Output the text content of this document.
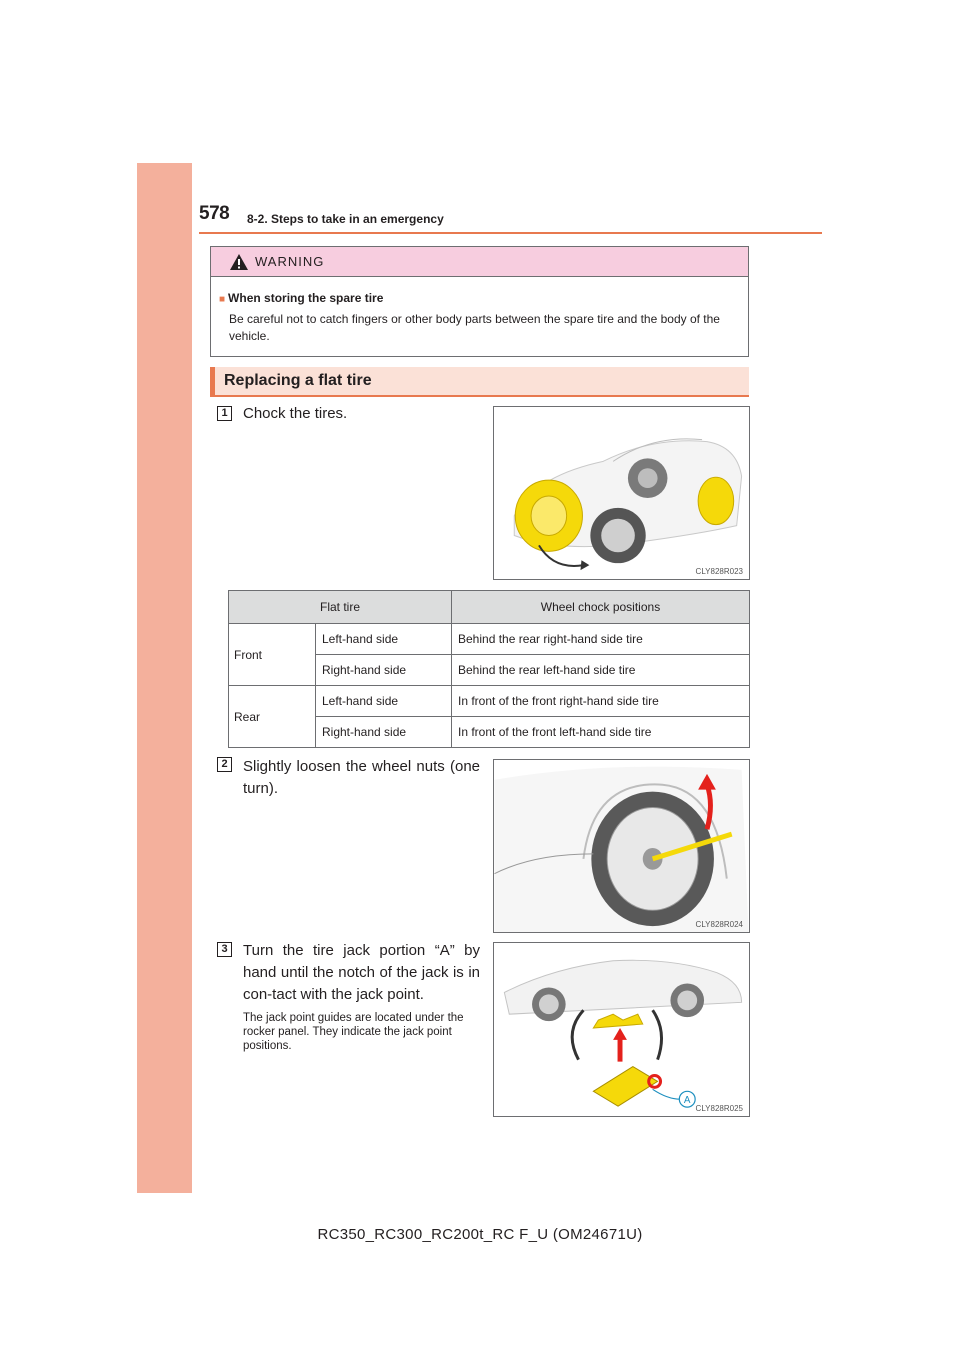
578 8-2. Steps to take in an emergency
WARNING
■ When storing the spare tire
Be careful not to catch fingers or other body parts between the spare tire and the body of the vehicle.
Replacing a flat tire
1 Chock the tires.
CLY828R023
Flat tire		Wheel chock positions
Front	Left-hand side	Behind the rear right-hand side tire
	Right-hand side	Behind the rear left-hand side tire
Rear	Left-hand side	In front of the front right-hand side tire
	Right-hand side	In front of the front left-hand side tire
2 Slightly loosen the wheel nuts (one turn).
CLY828R024
3 Turn the tire jack portion “A” by hand until the notch of the jack is in con-tact with the jack point.
The jack point guides are located under the rocker panel. They indicate the jack point positions.
A
CLY828R025
RC350_RC300_RC200t_RC F_U (OM24671U)
